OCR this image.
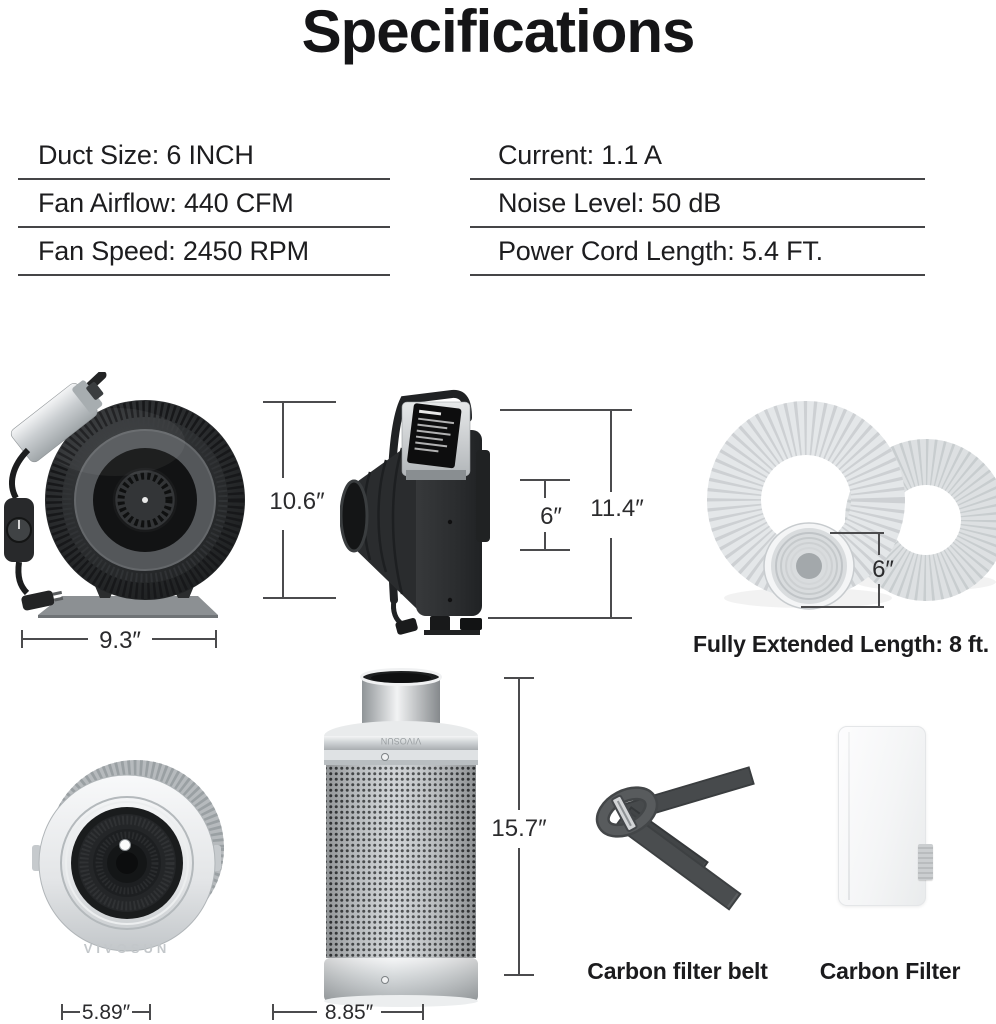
Specifications
Duct Size: 6 INCH
Fan Airflow: 440 CFM
Fan Speed: 2450 RPM
Current: 1.1 A
Noise Level: 50 dB
Power Cord Length: 5.4 FT.
10.6″
9.3″
6″ 11.4″
6″
Fully Extended Length: 8 ft.
VIVOSUN
5.89″
VIVOSUN
15.7″
8.85″
Carbon filter belt	Carbon Filter
